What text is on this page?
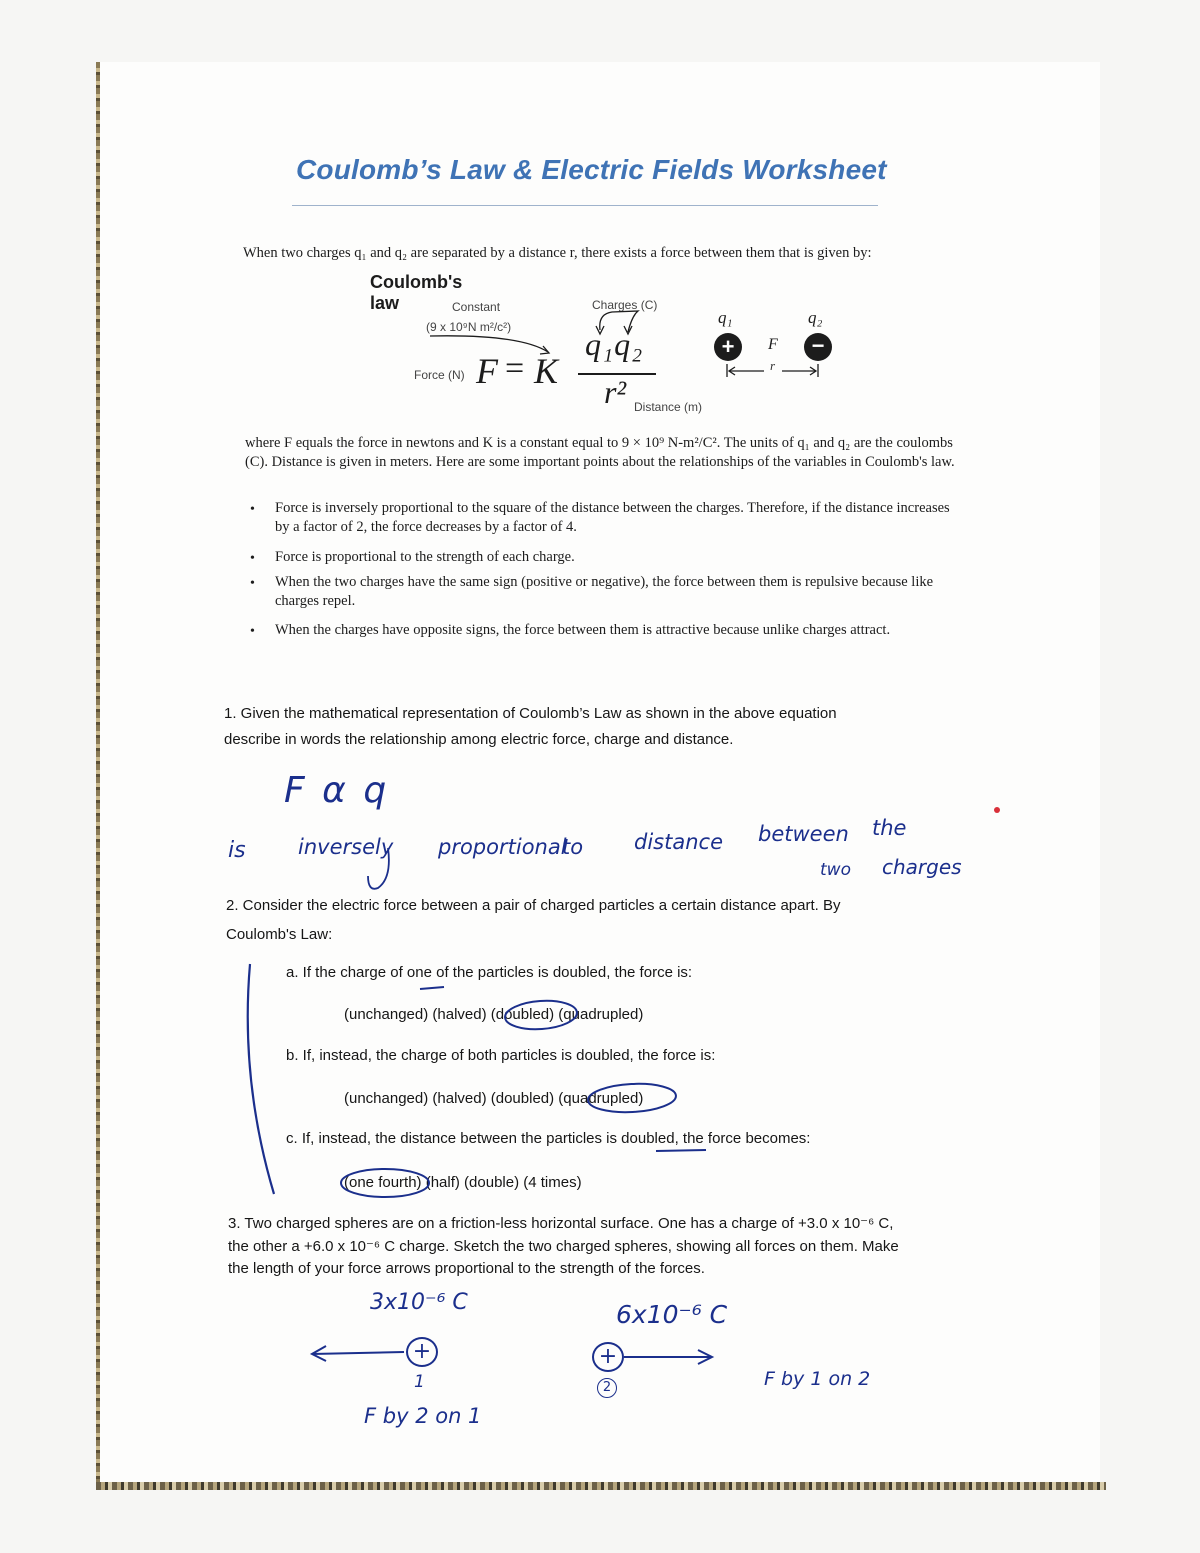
Coulomb’s Law & Electric Fields Worksheet
When two charges q₁ and q₂ are separated by a distance r, there exists a force between them that is given by:
Coulomb's
law	Constant
(9 x 10⁹N m²/c²)
Charges (C)
Force (N) F = K
q₁q₂
r² Distance (m)
q₁	q₂
+	−
F
r
where F equals the force in newtons and K is a constant equal to 9 × 10⁹ N-m²/C². The units of q₁ and q₂ are the coulombs (C). Distance is given in meters. Here are some important points about the relationships of the variables in Coulomb's law.
• Force is inversely proportional to the square of the distance between the charges. Therefore, if the distance increases by a factor of 2, the force decreases by a factor of 4.
• Force is proportional to the strength of each charge.
• When the two charges have the same sign (positive or negative), the force between them is repulsive because like charges repel.
• When the charges have opposite signs, the force between them is attractive because unlike charges attract.
1. Given the mathematical representation of Coulomb’s Law as shown in the above equation
describe in words the relationship among electric force, charge and distance.
F α q
is inversely proportional
to distance between the
two charges
2. Consider the electric force between a pair of charged particles a certain distance apart. By
Coulomb's Law:
a. If the charge of one of the particles is doubled, the force is:
(unchanged) (halved) (doubled) (quadrupled)
b. If, instead, the charge of both particles is doubled, the force is:
(unchanged) (halved) (doubled) (quadrupled)
c. If, instead, the distance between the particles is doubled, the force becomes:
(one fourth) (half) (double) (4 times)
3. Two charged spheres are on a friction-less horizontal surface. One has a charge of +3.0 x 10⁻⁶ C,
the other a +6.0 x 10⁻⁶ C charge. Sketch the two charged spheres, showing all forces on them. Make
the length of your force arrows proportional to the strength of the forces.
3x10⁻⁶ C	6x10⁻⁶ C
+	+
1	2
F by 2 on 1
F by 1 on 2
